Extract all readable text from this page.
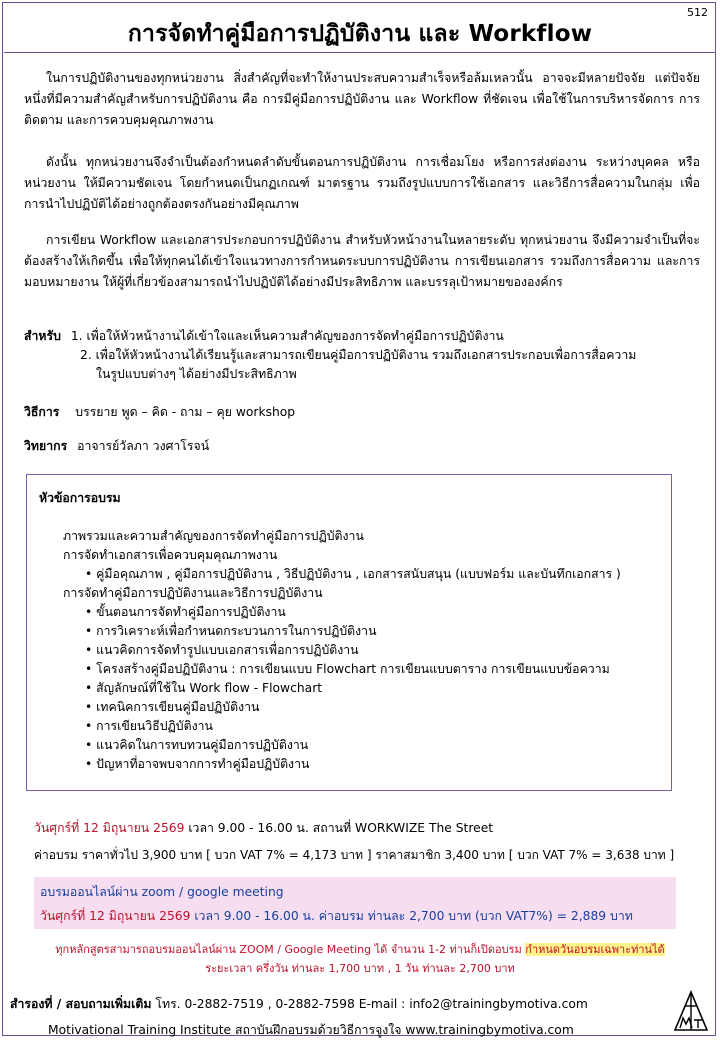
512
การจัดทำคู่มือการปฏิบัติงาน และ Workflow

ในการปฏิบัติงานของทุกหน่วยงาน สิ่งสำคัญที่จะทำให้งานประสบความสำเร็จหรือล้มเหลวนั้น อาจจะมีหลายปัจจัย แต่ปัจจัยหนึ่งที่มีความสำคัญสำหรับการปฏิบัติงาน คือ การมีคู่มือการปฏิบัติงาน และ Workflow ที่ชัดเจน เพื่อใช้ในการบริหารจัดการ การติดตาม และการควบคุมคุณภาพงาน

ดังนั้น ทุกหน่วยงานจึงจำเป็นต้องกำหนดลำดับขั้นตอนการปฏิบัติงาน การเชื่อมโยง หรือการส่งต่องาน ระหว่างบุคคล หรือหน่วยงาน ให้มีความชัดเจน โดยกำหนดเป็นกฏเกณฑ์ มาตรฐาน รวมถึงรูปแบบการใช้เอกสาร และวิธีการสื่อความในกลุ่ม เพื่อการนำไปปฏิบัติได้อย่างถูกต้องตรงกันอย่างมีคุณภาพ

การเขียน Workflow และเอกสารประกอบการปฏิบัติงาน สำหรับหัวหน้างานในหลายระดับ ทุกหน่วยงาน จึงมีความจำเป็นที่จะต้องสร้างให้เกิดขึ้น เพื่อให้ทุกคนได้เข้าใจแนวทางการกำหนดระบบการปฏิบัติงาน การเขียนเอกสาร รวมถึงการสื่อความ และการมอบหมายงาน ให้ผู้ที่เกี่ยวข้องสามารถนำไปปฏิบัติได้อย่างมีประสิทธิภาพ และบรรลุเป้าหมายขององค์กร

สำหรับ 1. เพื่อให้หัวหน้างานได้เข้าใจและเห็นความสำคัญของการจัดทำคู่มือการปฏิบัติงาน
2. เพื่อให้หัวหน้างานได้เรียนรู้และสามารถเขียนคู่มือการปฏิบัติงาน รวมถึงเอกสารประกอบเพื่อการสื่อความ
ในรูปแบบต่างๆ ได้อย่างมีประสิทธิภาพ
วิธีการ บรรยาย พูด – คิด - ถาม – คุย workshop
วิทยากร อาจารย์วัลภา วงศาโรจน์
หัวข้อการอบรม
ภาพรวมและความสำคัญของการจัดทำคู่มือการปฏิบัติงาน
การจัดทำเอกสารเพื่อควบคุมคุณภาพงาน
• คู่มือคุณภาพ , คู่มือการปฏิบัติงาน , วิธีปฏิบัติงาน , เอกสารสนับสนุน (แบบฟอร์ม และบันทึกเอกสาร )
การจัดทำคู่มือการปฏิบัติงานและวิธีการปฏิบัติงาน
• ขั้นตอนการจัดทำคู่มือการปฏิบัติงาน
• การวิเคราะห์เพื่อกำหนดกระบวนการในการปฏิบัติงาน
• แนวคิดการจัดทำรูปแบบเอกสารเพื่อการปฏิบัติงาน
• โครงสร้างคู่มือปฏิบัติงาน : การเขียนแบบ Flowchart การเขียนแบบตาราง การเขียนแบบข้อความ
• สัญลักษณ์ที่ใช้ใน Work flow - Flowchart
• เทคนิคการเขียนคู่มือปฏิบัติงาน
• การเขียนวิธีปฏิบัติงาน
• แนวคิดในการทบทวนคู่มือการปฏิบัติงาน
• ปัญหาที่อาจพบจากการทำคู่มือปฏิบัติงาน
วันศุกร์ที่ 12 มิถุนายน 2569 เวลา 9.00 - 16.00 น. สถานที่ WORKWIZE The Street
ค่าอบรม ราคาทั่วไป 3,900 บาท [ บวก VAT 7% = 4,173 บาท ] ราคาสมาชิก 3,400 บาท [ บวก VAT 7% = 3,638 บาท ]
อบรมออนไลน์ผ่าน zoom / google meeting
วันศุกร์ที่ 12 มิถุนายน 2569 เวลา 9.00 - 16.00 น. ค่าอบรม ท่านละ 2,700 บาท (บวก VAT7%) = 2,889 บาท
ทุกหลักสูตรสามารถอบรมออนไลน์ผ่าน ZOOM / Google Meeting ได้ จำนวน 1-2 ท่านก็เปิดอบรม กำหนดวันอบรมเฉพาะท่านได้
ระยะเวลา ครึ่งวัน ท่านละ 1,700 บาท , 1 วัน ท่านละ 2,700 บาท
สำรองที่ / สอบถามเพิ่มเติม โทร. 0-2882-7519 , 0-2882-7598 E-mail : info2@trainingbymotiva.com
Motivational Training Institute สถาบันฝึกอบรมด้วยวิธีการจูงใจ www.trainingbymotiva.com
